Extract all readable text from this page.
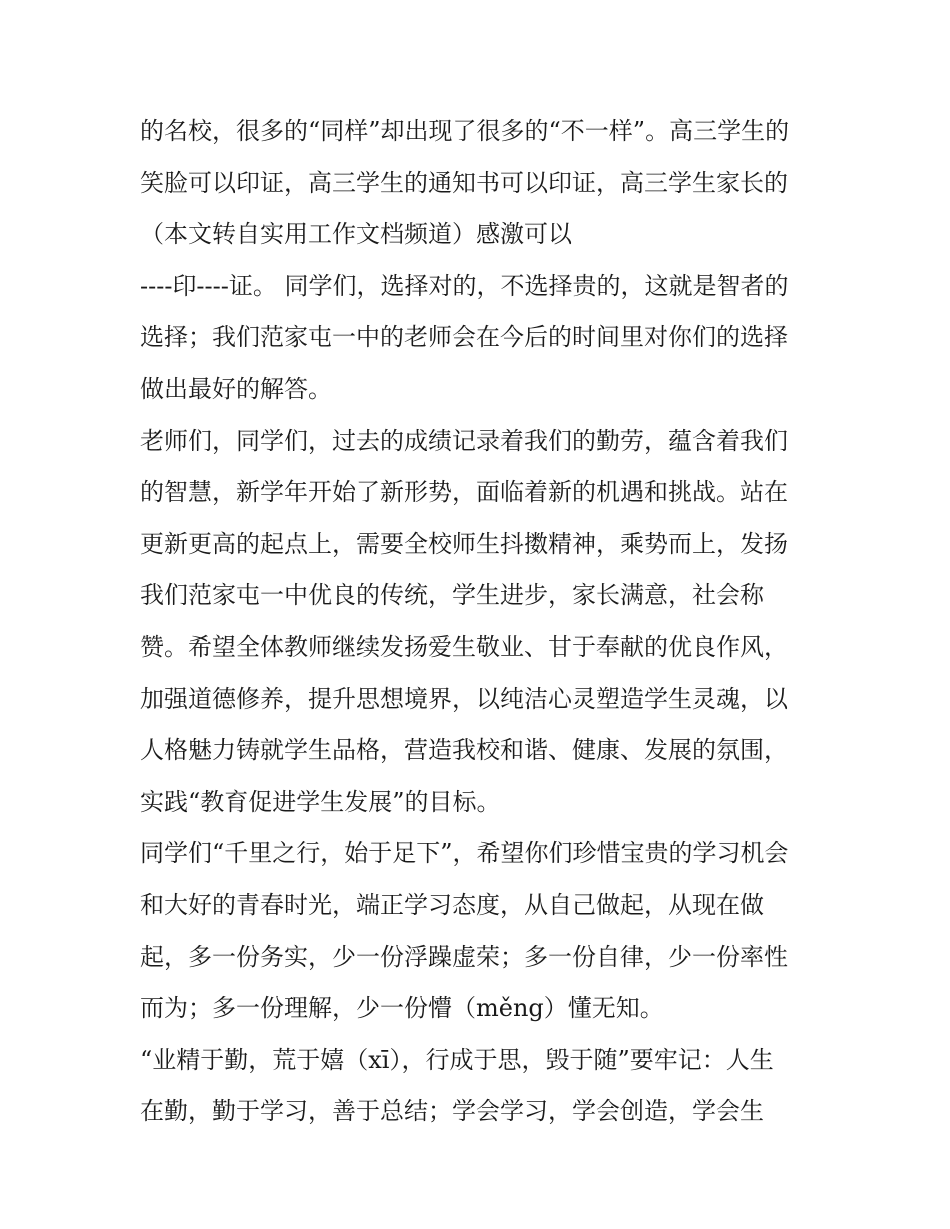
的名校，很多的“同样”却出现了很多的“不一样”。高三学生的
笑脸可以印证，高三学生的通知书可以印证，高三学生家长的
（本文转自实用工作文档频道）感激可以
----印----证。 同学们，选择对的，不选择贵的，这就是智者的
选择；我们范家屯一中的老师会在今后的时间里对你们的选择
做出最好的解答。
老师们，同学们，过去的成绩记录着我们的勤劳，蕴含着我们
的智慧，新学年开始了新形势，面临着新的机遇和挑战。站在
更新更高的起点上，需要全校师生抖擞精神，乘势而上，发扬
我们范家屯一中优良的传统，学生进步，家长满意，社会称
赞。希望全体教师继续发扬爱生敬业、甘于奉献的优良作风，
加强道德修养，提升思想境界，以纯洁心灵塑造学生灵魂，以
人格魅力铸就学生品格，营造我校和谐、健康、发展的氛围，
实践“教育促进学生发展”的目标。
同学们“千里之行，始于足下”，希望你们珍惜宝贵的学习机会
和大好的青春时光，端正学习态度，从自己做起，从现在做
起，多一份务实，少一份浮躁虚荣；多一份自律，少一份率性
而为；多一份理解，少一份懵（měng）懂无知。
“业精于勤，荒于嬉（xī），行成于思，毁于随”要牢记：人生
在勤，勤于学习，善于总结；学会学习，学会创造，学会生
